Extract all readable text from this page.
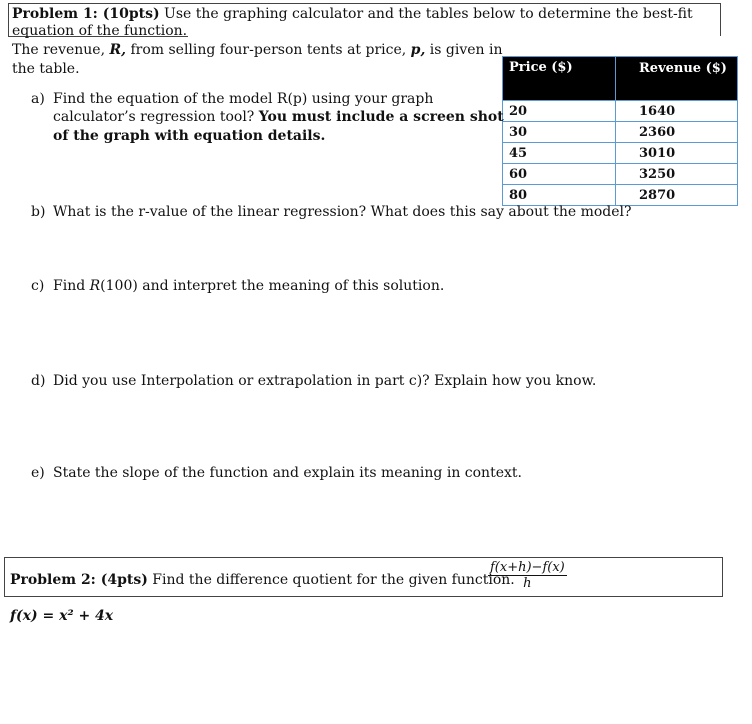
Problem 1: (10pts) Use the graphing calculator and the tables below to determine the best-fit
equation of the function.
The revenue, R, from selling four-person tents at price, p, is given in
the table.	Price ($)	Revenue ($)
20	1640
30	2360
45	3010
60	3250
80	2870
a) Find the equation of the model R(p) using your graph
calculator’s regression tool? You must include a screen shot
of the graph with equation details.
b) What is the r-value of the linear regression? What does this say about the model?
c) Find R(100) and interpret the meaning of this solution.
d) Did you use Interpolation or extrapolation in part c)? Explain how you know.
e) State the slope of the function and explain its meaning in context.
Problem 2: (4pts) Find the difference quotient for the given function.
$\frac{f(x+h)-f(x)}{h}$
f(x) = x² + 4x
